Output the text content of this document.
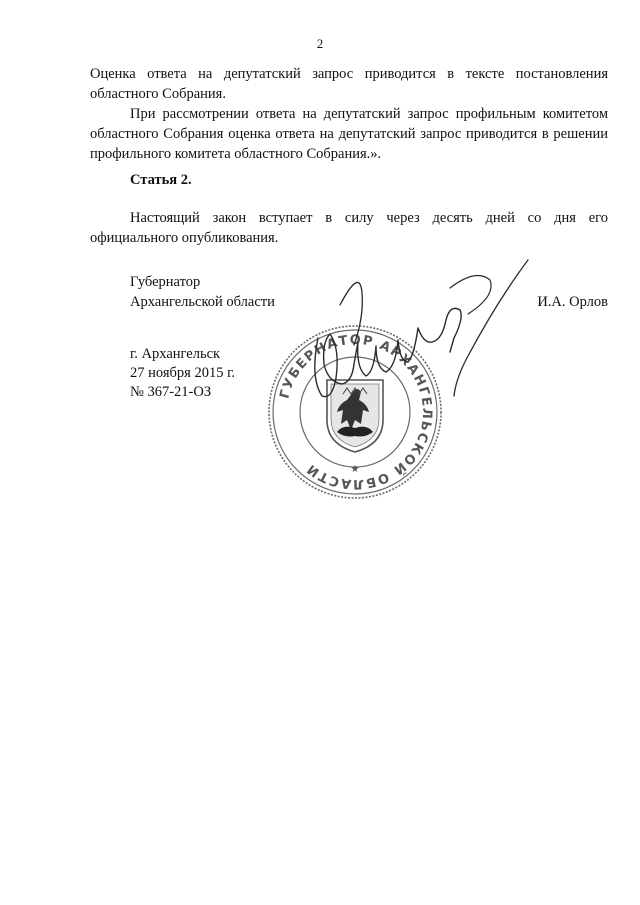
2

Оценка ответа на депутатский запрос приводится в тексте постановления областного Собрания.

При рассмотрении ответа на депутатский запрос профильным комитетом областного Собрания оценка ответа на депутатский запрос приводится в решении профильного комитета областного Собрания.».

Статья 2.

Настоящий закон вступает в силу через десять дней со дня его официального опубликования.

ГУБЕРНАТОР АРХАНГЕЛЬСКОЙ ОБЛАСТИ	★
Губернатор
Архангельской области	И.А. Орлов
г. Архангельск
27 ноября 2015 г.
№ 367-21-ОЗ
